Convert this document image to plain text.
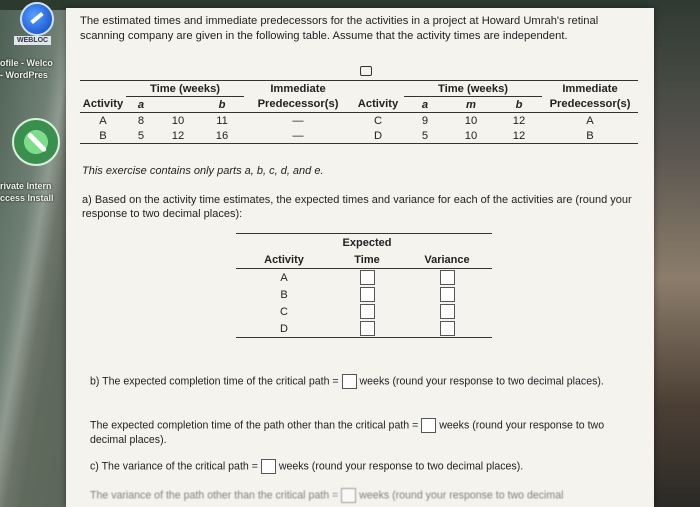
WEBLOC
ofile - Welco
- WordPres
rivate Intern
ccess Install
The estimated times and immediate predecessors for the activities in a project at Howard Umrah's retinal scanning company are given in the following table. Assume that the activity times are independent.
	Time (weeks)			Immediate		Time (weeks)			Immediate
Activity	a		b	Predecessor(s)	Activity	a	m	b	Predecessor(s)
A	8	10	11	—	C	9	10	12	A
B	5	12	16	—	D	5	10	12	B
This exercise contains only parts a, b, c, d, and e.
a) Based on the activity time estimates, the expected times and variance for each of the activities are (round your response to two decimal places):
	Expected	
Activity	Time	Variance
A		
B		
C		
D		
b) The expected completion time of the critical path = weeks (round your response to two decimal places).
The expected completion time of the path other than the critical path = weeks (round your response to two decimal places).
c) The variance of the critical path = weeks (round your response to two decimal places).
The variance of the path other than the critical path = weeks (round your response to two decimal
